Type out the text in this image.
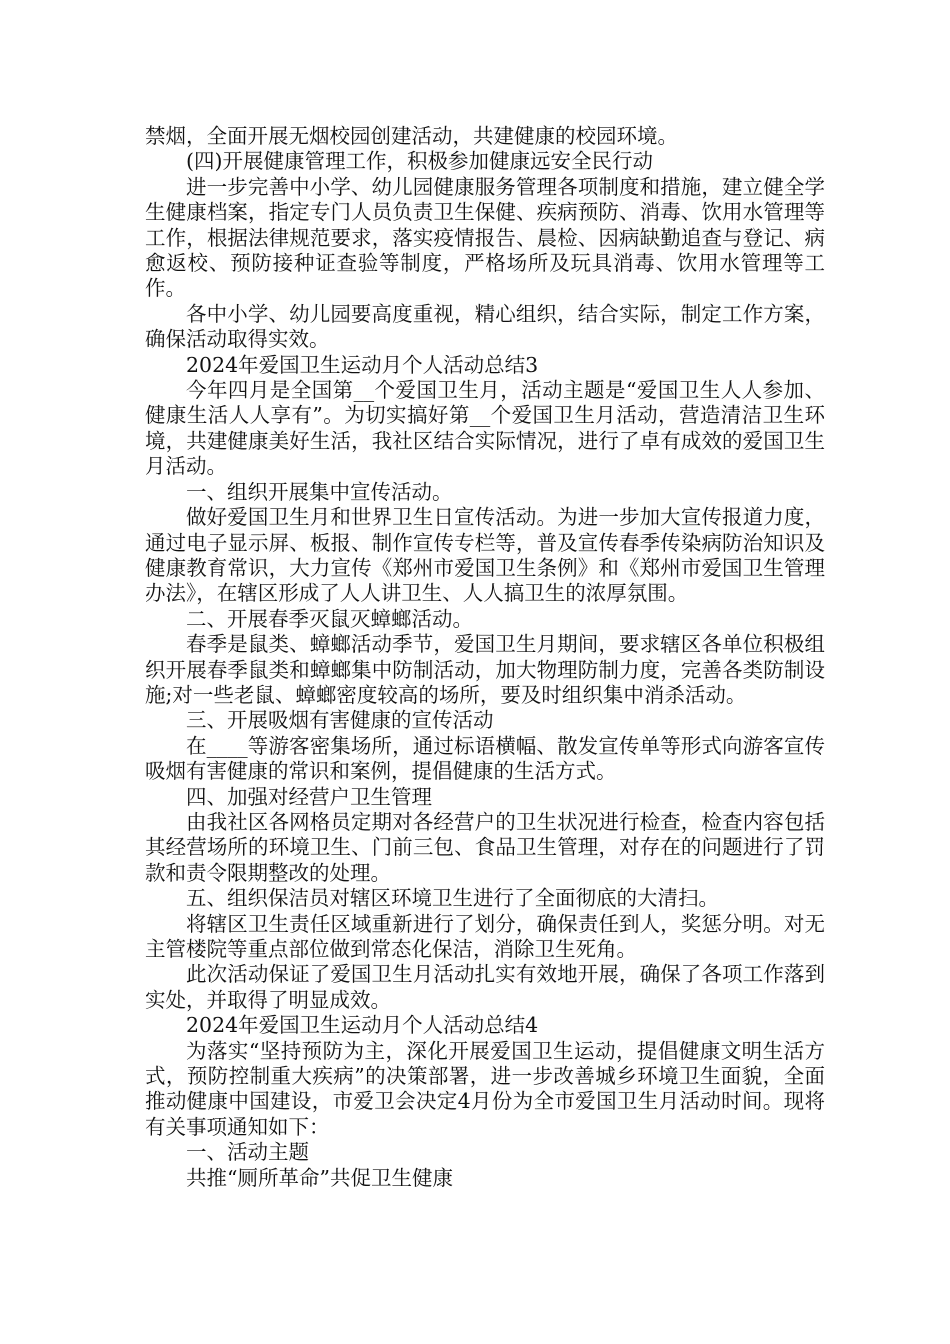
禁烟，全面开展无烟校园创建活动，共建健康的校园环境。

(四)开展健康管理工作，积极参加健康远安全民行动

进一步完善中小学、幼儿园健康服务管理各项制度和措施，建立健全学生健康档案，指定专门人员负责卫生保健、疾病预防、消毒、饮用水管理等工作，根据法律规范要求，落实疫情报告、晨检、因病缺勤追查与登记、病愈返校、预防接种证查验等制度，严格场所及玩具消毒、饮用水管理等工作。

各中小学、幼儿园要高度重视，精心组织，结合实际，制定工作方案，确保活动取得实效。

2024年爱国卫生运动月个人活动总结3

今年四月是全国第__个爱国卫生月，活动主题是“爱国卫生人人参加、健康生活人人享有”。为切实搞好第__个爱国卫生月活动，营造清洁卫生环境，共建健康美好生活，我社区结合实际情况，进行了卓有成效的爱国卫生月活动。

一、组织开展集中宣传活动。

做好爱国卫生月和世界卫生日宣传活动。为进一步加大宣传报道力度，通过电子显示屏、板报、制作宣传专栏等，普及宣传春季传染病防治知识及健康教育常识，大力宣传《郑州市爱国卫生条例》和《郑州市爱国卫生管理办法》，在辖区形成了人人讲卫生、人人搞卫生的浓厚氛围。

二、开展春季灭鼠灭蟑螂活动。

春季是鼠类、蟑螂活动季节，爱国卫生月期间，要求辖区各单位积极组织开展春季鼠类和蟑螂集中防制活动，加大物理防制力度，完善各类防制设施;对一些老鼠、蟑螂密度较高的场所，要及时组织集中消杀活动。

三、开展吸烟有害健康的宣传活动

在____等游客密集场所，通过标语横幅、散发宣传单等形式向游客宣传吸烟有害健康的常识和案例，提倡健康的生活方式。

四、加强对经营户卫生管理

由我社区各网格员定期对各经营户的卫生状况进行检查，检查内容包括其经营场所的环境卫生、门前三包、食品卫生管理，对存在的问题进行了罚款和责令限期整改的处理。

五、组织保洁员对辖区环境卫生进行了全面彻底的大清扫。

将辖区卫生责任区域重新进行了划分，确保责任到人，奖惩分明。对无主管楼院等重点部位做到常态化保洁，消除卫生死角。

此次活动保证了爱国卫生月活动扎实有效地开展，确保了各项工作落到实处，并取得了明显成效。

2024年爱国卫生运动月个人活动总结4

为落实“坚持预防为主，深化开展爱国卫生运动，提倡健康文明生活方式，预防控制重大疾病”的决策部署，进一步改善城乡环境卫生面貌，全面推动健康中国建设，市爱卫会决定4月份为全市爱国卫生月活动时间。现将有关事项通知如下：

一、活动主题

共推“厕所革命”共促卫生健康
